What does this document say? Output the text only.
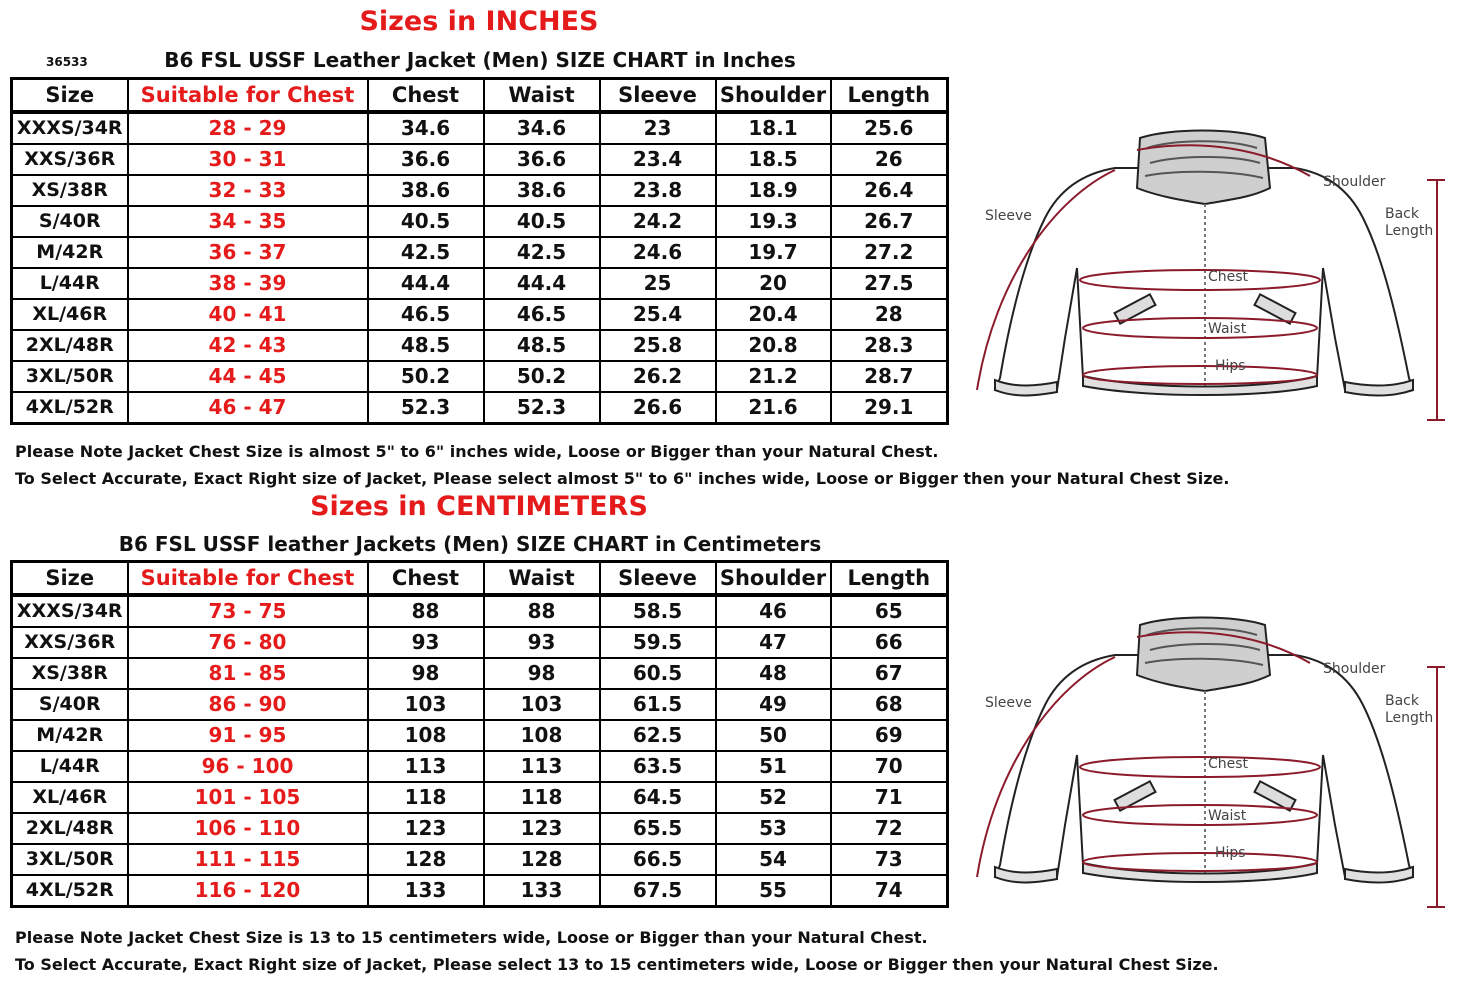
Sizes in INCHES
36533	B6 FSL USSF Leather Jacket (Men) SIZE CHART in Inches
Size	Suitable for Chest	Chest	Waist	Sleeve	Shoulder	Length
XXXS/34R	28 - 29	34.6	34.6	23	18.1	25.6
XXS/36R	30 - 31	36.6	36.6	23.4	18.5	26
XS/38R	32 - 33	38.6	38.6	23.8	18.9	26.4
S/40R	34 - 35	40.5	40.5	24.2	19.3	26.7
M/42R	36 - 37	42.5	42.5	24.6	19.7	27.2
L/44R	38 - 39	44.4	44.4	25	20	27.5
XL/46R	40 - 41	46.5	46.5	25.4	20.4	28
2XL/48R	42 - 43	48.5	48.5	25.8	20.8	28.3
3XL/50R	44 - 45	50.2	50.2	26.2	21.2	28.7
4XL/52R	46 - 47	52.3	52.3	26.6	21.6	29.1
Please Note Jacket Chest Size is almost 5" to 6" inches wide, Loose or Bigger than your Natural Chest.
To Select Accurate, Exact Right size of Jacket, Please select almost 5" to 6" inches wide, Loose or Bigger then your Natural Chest Size.
Shoulder
Sleeve	Back
Length
Chest
Waist
Hips
Sizes in CENTIMETERS
B6 FSL USSF leather Jackets (Men) SIZE CHART in Centimeters
Size	Suitable for Chest	Chest	Waist	Sleeve	Shoulder	Length
XXXS/34R	73 - 75	88	88	58.5	46	65
XXS/36R	76 - 80	93	93	59.5	47	66
XS/38R	81 - 85	98	98	60.5	48	67
S/40R	86 - 90	103	103	61.5	49	68
M/42R	91 - 95	108	108	62.5	50	69
L/44R	96 - 100	113	113	63.5	51	70
XL/46R	101 - 105	118	118	64.5	52	71
2XL/48R	106 - 110	123	123	65.5	53	72
3XL/50R	111 - 115	128	128	66.5	54	73
4XL/52R	116 - 120	133	133	67.5	55	74
Please Note Jacket Chest Size is 13 to 15 centimeters wide, Loose or Bigger than your Natural Chest.
To Select Accurate, Exact Right size of Jacket, Please select 13 to 15 centimeters wide, Loose or Bigger then your Natural Chest Size.
Shoulder
Sleeve	Back
Length
Chest
Waist
Hips
